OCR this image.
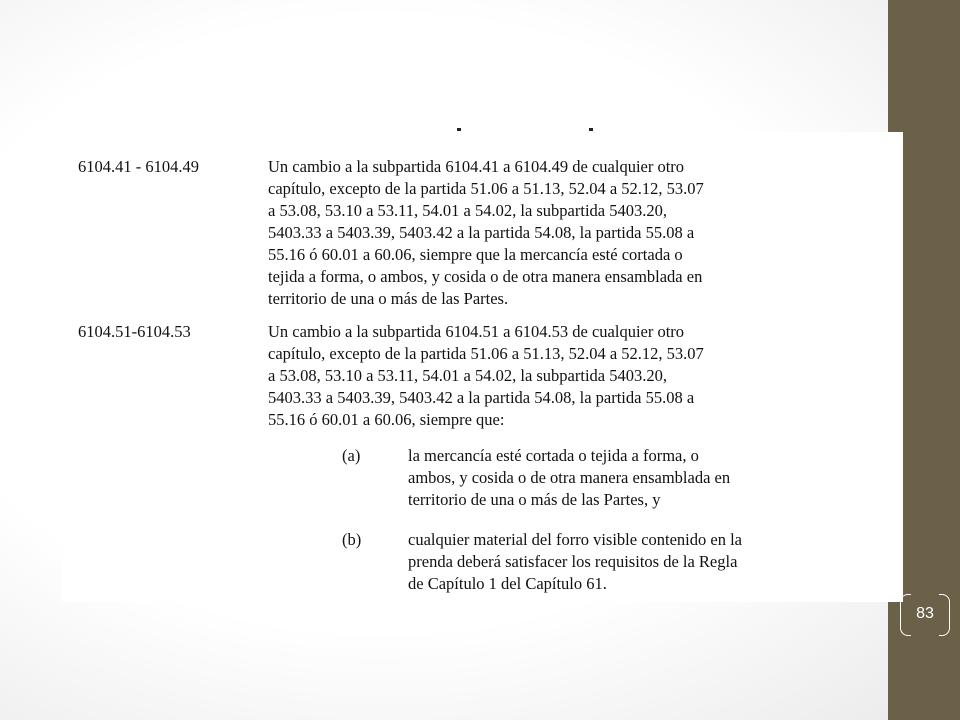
6104.41 - 6104.49	Un cambio a la subpartida 6104.41 a 6104.49 de cualquier otro
capítulo, excepto de la partida 51.06 a 51.13, 52.04 a 52.12, 53.07
a 53.08, 53.10 a 53.11, 54.01 a 54.02, la subpartida 5403.20,
5403.33 a 5403.39, 5403.42 a la partida 54.08, la partida 55.08 a
55.16 ó 60.01 a 60.06, siempre que la mercancía esté cortada o
tejida a forma, o ambos, y cosida o de otra manera ensamblada en
territorio de una o más de las Partes.
6104.51-6104.53	Un cambio a la subpartida 6104.51 a 6104.53 de cualquier otro
capítulo, excepto de la partida 51.06 a 51.13, 52.04 a 52.12, 53.07
a 53.08, 53.10 a 53.11, 54.01 a 54.02, la subpartida 5403.20,
5403.33 a 5403.39, 5403.42 a la partida 54.08, la partida 55.08 a
55.16 ó 60.01 a 60.06, siempre que:
(a)	la mercancía esté cortada o tejida a forma, o
ambos, y cosida o de otra manera ensamblada en
territorio de una o más de las Partes, y
(b)	cualquier material del forro visible contenido en la
prenda deberá satisfacer los requisitos de la Regla
de Capítulo 1 del Capítulo 61.
83
